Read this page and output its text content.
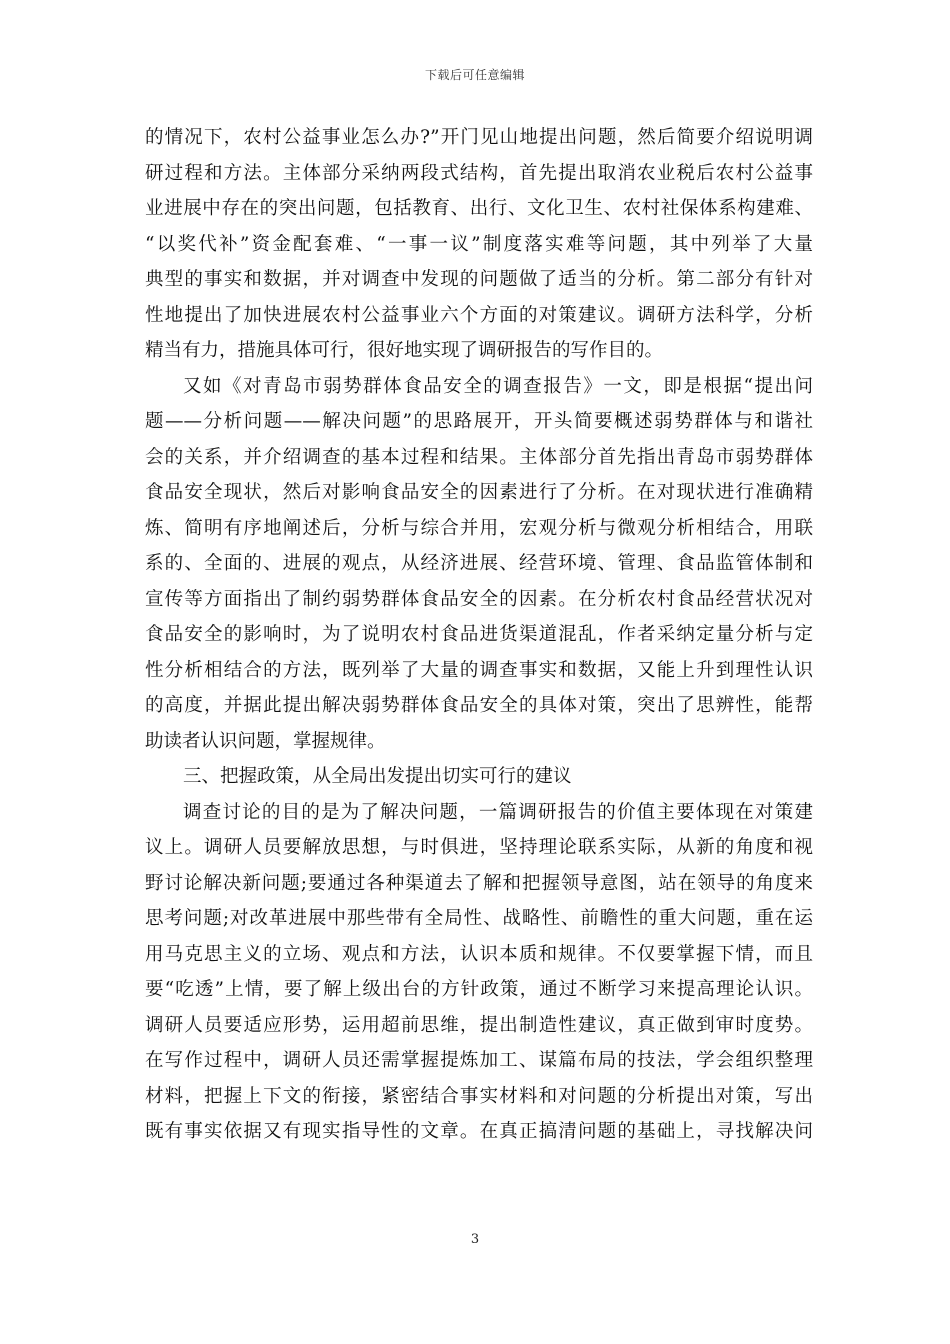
下载后可任意编辑
的情况下，农村公益事业怎么办?”开门见山地提出问题，然后简要介绍说明调
研过程和方法。主体部分采纳两段式结构，首先提出取消农业税后农村公益事
业进展中存在的突出问题，包括教育、出行、文化卫生、农村社保体系构建难、
“以奖代补”资金配套难、“一事一议”制度落实难等问题，其中列举了大量
典型的事实和数据，并对调查中发现的问题做了适当的分析。第二部分有针对
性地提出了加快进展农村公益事业六个方面的对策建议。调研方法科学，分析
精当有力，措施具体可行，很好地实现了调研报告的写作目的。
又如《对青岛市弱势群体食品安全的调查报告》一文，即是根据“提出问
题——分析问题——解决问题”的思路展开，开头简要概述弱势群体与和谐社
会的关系，并介绍调查的基本过程和结果。主体部分首先指出青岛市弱势群体
食品安全现状，然后对影响食品安全的因素进行了分析。在对现状进行准确精
炼、简明有序地阐述后，分析与综合并用，宏观分析与微观分析相结合，用联
系的、全面的、进展的观点，从经济进展、经营环境、管理、食品监管体制和
宣传等方面指出了制约弱势群体食品安全的因素。在分析农村食品经营状况对
食品安全的影响时，为了说明农村食品进货渠道混乱，作者采纳定量分析与定
性分析相结合的方法，既列举了大量的调查事实和数据，又能上升到理性认识
的高度，并据此提出解决弱势群体食品安全的具体对策，突出了思辨性，能帮
助读者认识问题，掌握规律。
三、把握政策，从全局出发提出切实可行的建议
调查讨论的目的是为了解决问题，一篇调研报告的价值主要体现在对策建
议上。调研人员要解放思想，与时俱进，坚持理论联系实际，从新的角度和视
野讨论解决新问题;要通过各种渠道去了解和把握领导意图，站在领导的角度来
思考问题;对改革进展中那些带有全局性、战略性、前瞻性的重大问题，重在运
用马克思主义的立场、观点和方法，认识本质和规律。不仅要掌握下情，而且
要“吃透”上情，要了解上级出台的方针政策，通过不断学习来提高理论认识。
调研人员要适应形势，运用超前思维，提出制造性建议，真正做到审时度势。
在写作过程中，调研人员还需掌握提炼加工、谋篇布局的技法，学会组织整理
材料，把握上下文的衔接，紧密结合事实材料和对问题的分析提出对策，写出
既有事实依据又有现实指导性的文章。在真正搞清问题的基础上，寻找解决问
3
